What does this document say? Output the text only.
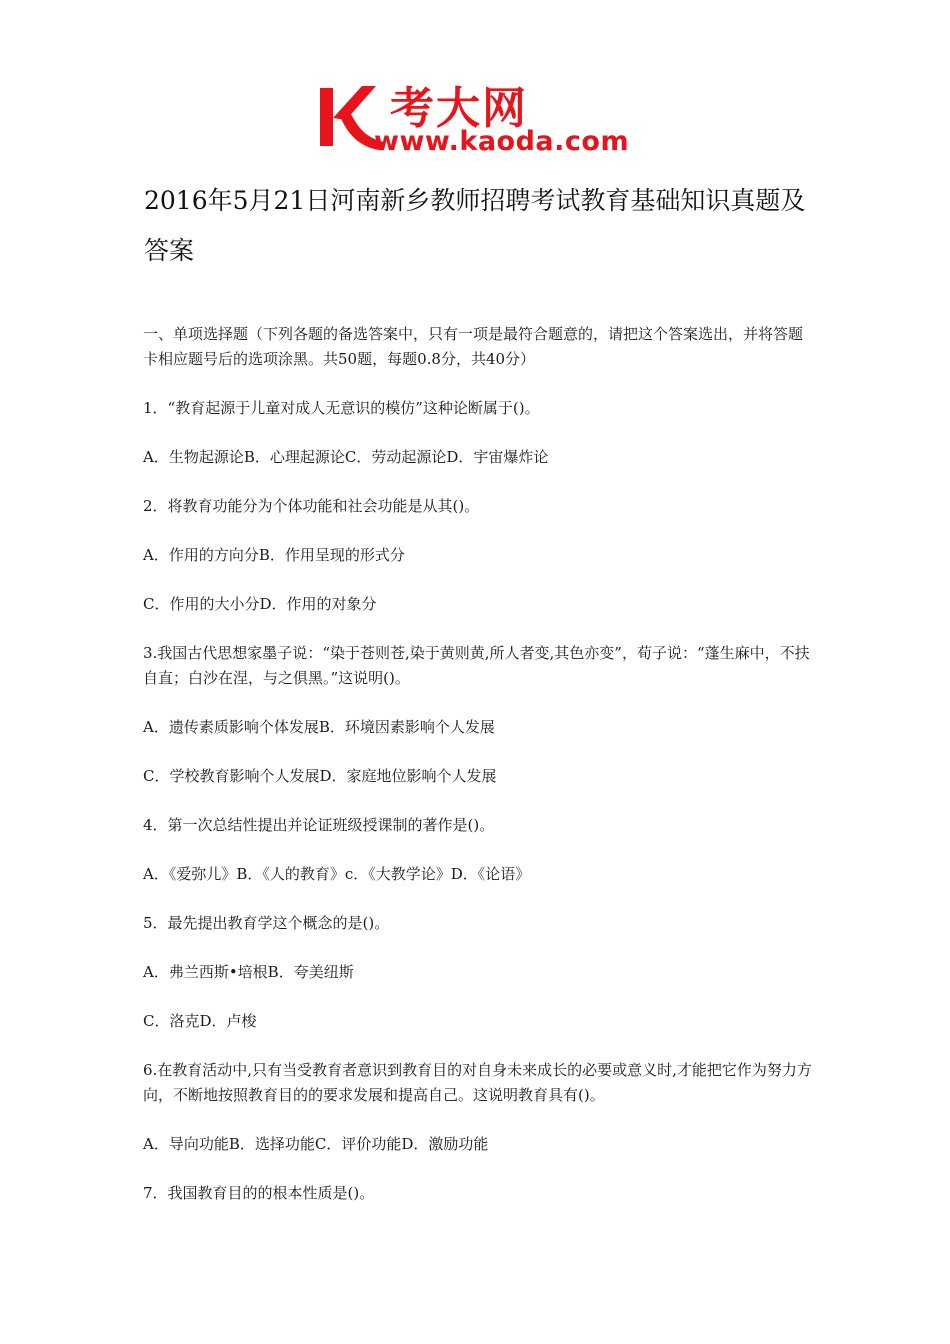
考大网
www.kaoda.com
2016年5月21日河南新乡教师招聘考试教育基础知识真题及答案

一、单项选择题（下列各题的备选答案中，只有一项是最符合题意的，请把这个答案选出，并将答题卡相应题号后的选项涂黑。共50题，每题0.8分，共40分）

1．“教育起源于儿童对成人无意识的模仿”这种论断属于()。

A．生物起源论B．心理起源论C．劳动起源论D．宇宙爆炸论

2．将教育功能分为个体功能和社会功能是从其()。

A．作用的方向分B．作用呈现的形式分

C．作用的大小分D．作用的对象分

3.我国古代思想家墨子说：“染于苍则苍,染于黄则黄,所人者变,其色亦变”，荀子说：“蓬生麻中，不扶自直；白沙在涅，与之俱黑。”这说明()。

A．遗传素质影响个体发展B．环境因素影响个人发展

C．学校教育影响个人发展D．家庭地位影响个人发展

4．第一次总结性提出并论证班级授课制的著作是()。

A．《爱弥儿》B．《人的教育》c．《大教学论》D．《论语》

5．最先提出教育学这个概念的是()。

A．弗兰西斯•培根B．夸美纽斯

C．洛克D．卢梭

6.在教育活动中,只有当受教育者意识到教育目的对自身未来成长的必要或意义时,才能把它作为努力方向，不断地按照教育目的的要求发展和提高自己。这说明教育具有()。

A．导向功能B．选择功能C．评价功能D．激励功能

7．我国教育目的的根本性质是()。
